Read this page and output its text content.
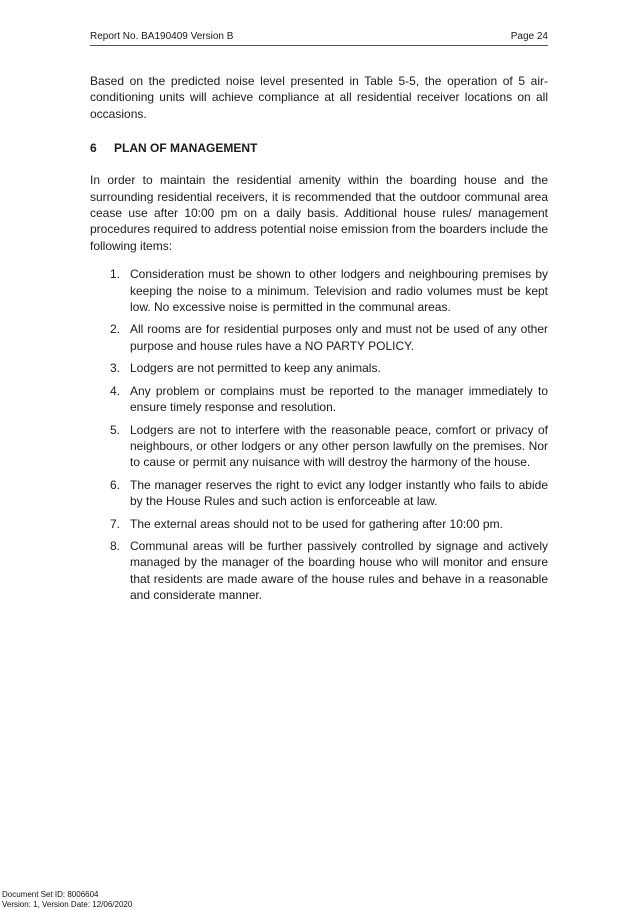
Report No. BA190409 Version B	Page 24

Based on the predicted noise level presented in Table 5-5, the operation of 5 air-conditioning units will achieve compliance at all residential receiver locations on all occasions.

6 PLAN OF MANAGEMENT

In order to maintain the residential amenity within the boarding house and the surrounding residential receivers, it is recommended that the outdoor communal area cease use after 10:00 pm on a daily basis. Additional house rules/ management procedures required to address potential noise emission from the boarders include the following items:

1. Consideration must be shown to other lodgers and neighbouring premises by keeping the noise to a minimum. Television and radio volumes must be kept low. No excessive noise is permitted in the communal areas.
2. All rooms are for residential purposes only and must not be used of any other purpose and house rules have a NO PARTY POLICY.
3. Lodgers are not permitted to keep any animals.
4. Any problem or complains must be reported to the manager immediately to ensure timely response and resolution.
5. Lodgers are not to interfere with the reasonable peace, comfort or privacy of neighbours, or other lodgers or any other person lawfully on the premises. Nor to cause or permit any nuisance with will destroy the harmony of the house.
6. The manager reserves the right to evict any lodger instantly who fails to abide by the House Rules and such action is enforceable at law.
7. The external areas should not to be used for gathering after 10:00 pm.
8. Communal areas will be further passively controlled by signage and actively managed by the manager of the boarding house who will monitor and ensure that residents are made aware of the house rules and behave in a reasonable and considerate manner.
Document Set ID: 8006604
Version: 1, Version Date: 12/06/2020
